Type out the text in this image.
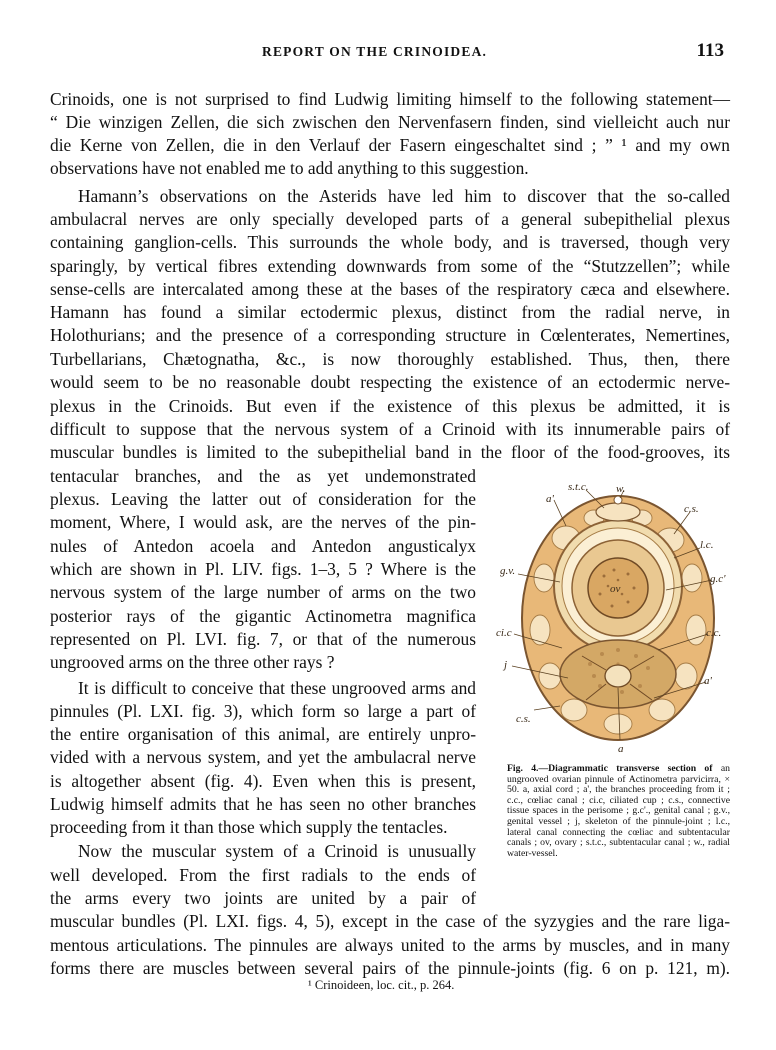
REPORT ON THE CRINOIDEA.	113
Crinoids, one is not surprised to find Ludwig limiting himself to the following statement—
“ Die winzigen Zellen, die sich zwischen den Nervenfasern finden, sind vielleicht auch nur
die Kerne von Zellen, die in den Verlauf der Fasern eingeschaltet sind ; ” ¹ and my own
observations have not enabled me to add anything to this suggestion.
Hamann’s observations on the Asterids have led him to discover that the so-called
ambulacral nerves are only specially developed parts of a general subepithelial plexus
containing ganglion-cells. This surrounds the whole body, and is traversed, though very
sparingly, by vertical fibres extending downwards from some of the “Stutzzellen”; while
sense-cells are intercalated among these at the bases of the respiratory cæca and elsewhere.
Hamann has found a similar ectodermic plexus, distinct from the radial nerve, in
Holothurians; and the presence of a corresponding structure in Cœlenterates, Nemertines,
Turbellarians, Chætognatha, &c., is now thoroughly established. Thus, then, there
would seem to be no reasonable doubt respecting the existence of an ectodermic nerve-
plexus in the Crinoids. But even if the existence of this plexus be admitted, it is
difficult to suppose that the nervous system of a Crinoid with its innumerable pairs of
muscular bundles is limited to the subepithelial band in the floor of the food-grooves, its
tentacular branches, and the as yet undemonstrated
plexus. Leaving the latter out of consideration for the
moment, Where, I would ask, are the nerves of the pin-
nules of Antedon acoela and Antedon angusticalyx
which are shown in Pl. LIV. figs. 1–3, 5 ? Where is the
nervous system of the large number of arms on the two
posterior rays of the gigantic Actinometra magnifica
represented on Pl. LVI. fig. 7, or that of the numerous
ungrooved arms on the three other rays ?
It is difficult to conceive that these ungrooved arms and
pinnules (Pl. LXI. fig. 3), which form so large a part of
the entire organisation of this animal, are entirely unpro-
vided with a nervous system, and yet the ambulacral nerve
is altogether absent (fig. 4). Even when this is present,
Ludwig himself admits that he has seen no other branches
proceeding from it than those which supply the tentacles.
Now the muscular system of a Crinoid is unusually
well developed. From the first radials to the ends of
the arms every two joints are united by a pair of
muscular bundles (Pl. LXI. figs. 4, 5), except in the case of the syzygies and the rare liga-
mentous articulations. The pinnules are always united to the arms by muscles, and in many
forms there are muscles between several pairs of the pinnule-joints (fig. 6 on p. 121, m).
s.t.c.	w.
a'
c.s.
l.c.
g.v.
ov
g.c'
ci.c	c.c.
j
a'
c.s.
a
Fig. 4.—Diagrammatic transverse section of an ungrooved ovarian pinnule of Actinometra parvicirra, × 50. a, axial cord ; a', the branches proceeding from it ; c.c., cœliac canal ; ci.c, ciliated cup ; c.s., connective tissue spaces in the perisome ; g.c'., genital canal ; g.v., genital vessel ; j, skeleton of the pinnule-joint ; l.c., lateral canal connecting the cœliac and subtentacular canals ; ov, ovary ; s.t.c., subtentacular canal ; w., radial water-vessel.
¹ Crinoideen, loc. cit., p. 264.
